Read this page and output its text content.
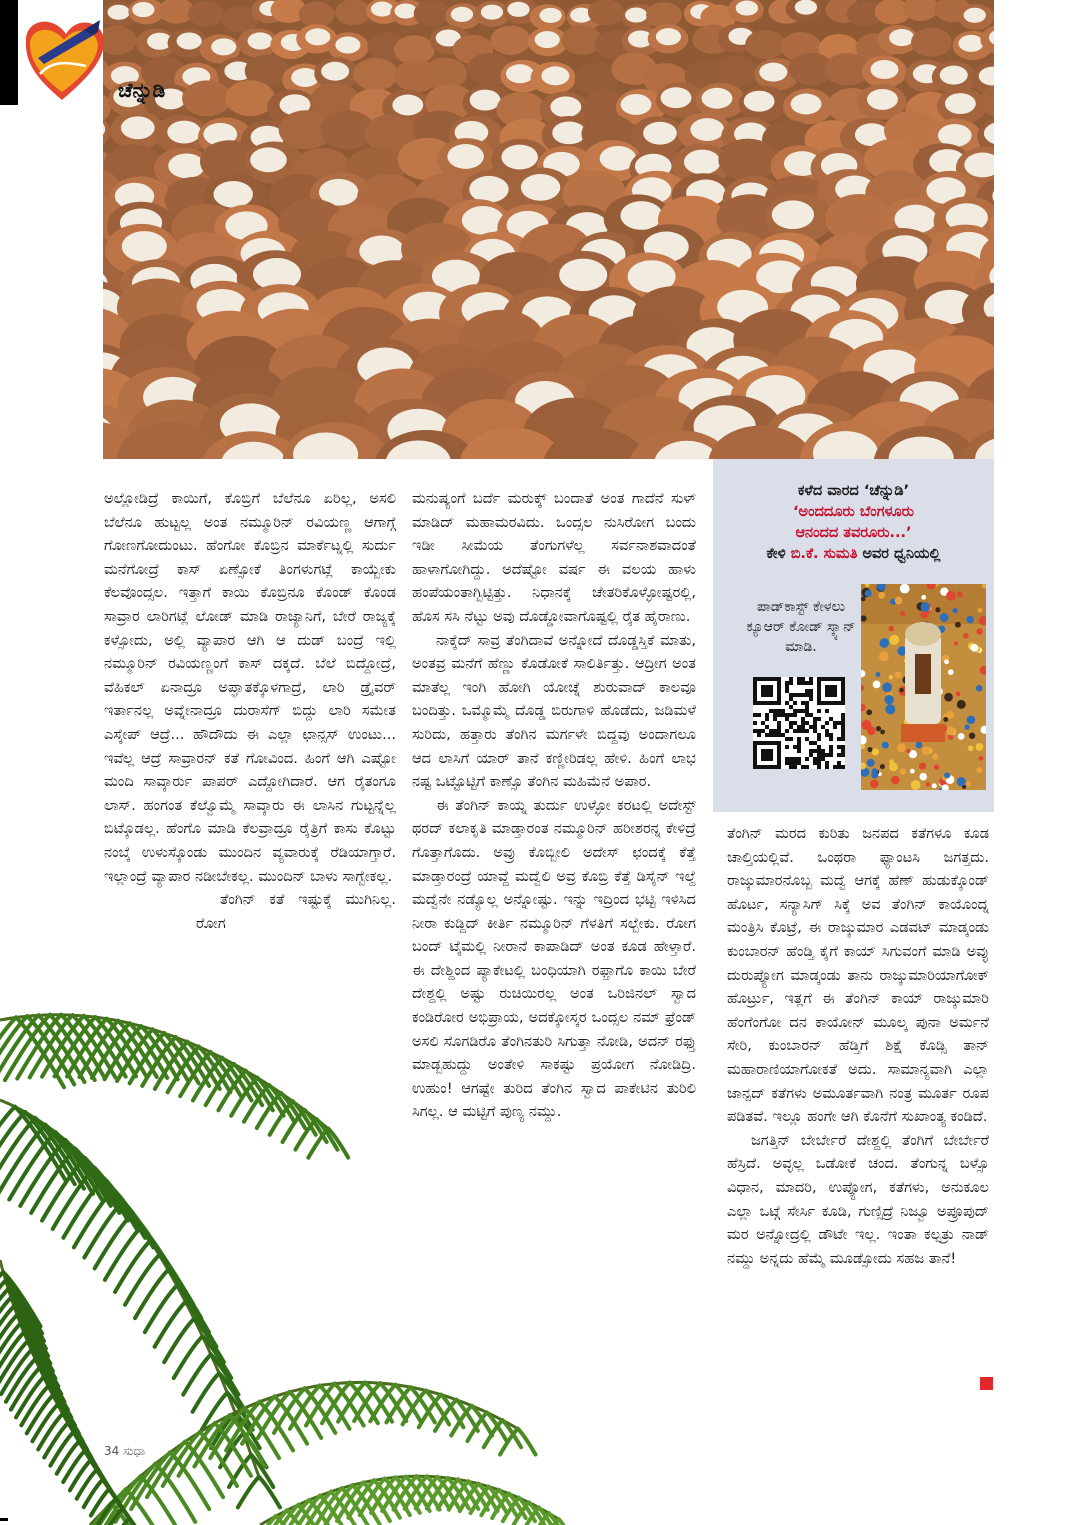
ಚೆನ್ನುಡಿ

ಅಲ್ಲೋಡಿದ್ರೆ ಕಾಯಿಗೆ, ಕೊಬ್ರಿಗೆ ಬೆಲೆನೂ ಏರಿಲ್ಲ, ಅಸಲಿ ಬೆಲೆನೂ ಹುಟ್ಟಲ್ಲ ಅಂತ ನಮ್ಮೂರಿನ್ ರವಿಯಣ್ಣ ಆಗಾಗ್ಗೆ ಗೋಣಗೋದುಂಟು. ಹೆಂಗೋ ಕೊಬ್ರಿನ ಮಾರ್ಕೆಟ್ನಲ್ಲಿ ಸುರ್ದು ಮನೆಗೋದ್ರೆ ಕಾಸ್ ಏಣ್ಸೋಕೆ ತಿಂಗಳುಗಟ್ಲೆ ಕಾಯ್ಬೇಕು ಕೆಲವೊಂದ್ಸಲ. ಇತ್ತಾಗೆ ಕಾಯಿ ಕೊಬ್ರಿನೂ ಕೊಂಡ್ ಕೊಂಡ ಸಾವ್ರಾರ ಲಾರಿಗಟ್ಲೆ ಲೋಡ್ ಮಾಡಿ ರಾಜ್ಯಾನಿಗೆ, ಬೇರೆ ರಾಜ್ಯಕ್ಕೆ ಕಳ್ಸೋದು, ಅಲ್ಲಿ ವ್ಯಾಪಾರ ಆಗಿ ಆ ದುಡ್ ಬಂದ್ರೆ ಇಲ್ಲಿ ನಮ್ಮೂರಿನ್ ರವಿಯಣ್ಣಂಗೆ ಕಾಸ್ ದಕ್ಕದೆ. ಬೆಲೆ ಬಿದ್ದೋದ್ರೆ, ವೆಹಿಕಲ್ ಏನಾದ್ರೂ ಅಪ್ಘಾತಕ್ಕೊಳಗಾದ್ರೆ, ಲಾರಿ ಡ್ರೈವರ್ ಇರ್ತಾನಲ್ಲ ಅವ್ನೇನಾದ್ರೂ ದುರಾಸೆಗ್ ಬಿದ್ದು ಲಾರಿ ಸಮೇತ ಎಸ್ಕೇಪ್ ಆದ್ರೆ... ಹೌದೌದು ಈ ಎಲ್ಲಾ ಛಾನ್ಸಸ್ ಉಂಟು... ಇವೆಲ್ಲ ಆದ್ರೆ ಸಾವ್ರಾರನ್ ಕತೆ ಗೋವಿಂದ. ಹಿಂಗೆ ಆಗಿ ಎಷ್ಟೋ ಮಂದಿ ಸಾವ್ಕಾರ್ರು ಪಾಪರ್ ಎದ್ದೋಗಿದಾರೆ. ಆಗ ರೈತಂಗೂ ಲಾಸ್. ಹಂಗಂತ ಕೆಲ್ವೊಮ್ಮೆ ಸಾವ್ಕಾರು ಈ ಲಾಸಿನ ಗುಟ್ಟನ್ನೆಲ್ಲ ಬಿಟ್ಕೊಡಲ್ಲ. ಹೆಂಗೊ ಮಾಡಿ ಕೆಲವ್ರಾದ್ರೂ ರೈತ್ರಿಗೆ ಕಾಸು ಕೊಟ್ಟು ನಂಬ್ಕೆ ಉಳುಸ್ಕೊಂಡು ಮುಂದಿನ ವ್ಯವಾರುಕ್ಕೆ ರೆಡಿಯಾಗ್ತಾರೆ. ಇಲ್ಲಾಂದ್ರೆ ವ್ಯಾಪಾರ ನಡೀಬೇಕಲ್ಲ. ಮುಂದಿನ್ ಬಾಳು ಸಾಗ್ಬೇಕಲ್ಲ.

ತೆಂಗಿನ್ ಕತೆ ಇಷ್ಟುಕ್ಕೆ ಮುಗಿನಿಲ್ಲ. ರೋಗ

ಮನುಷ್ಯಂಗೆ ಬರ್ದೆ ಮರುಕ್ಕ್ ಬಂದಾತೆ ಅಂತ ಗಾದೆನೆ ಸುಳ್ ಮಾಡಿದ್ ಮಹಾಮರವಿದು. ಒಂದ್ಸಲ ನುಸಿರೋಗ ಬಂದು ಇಡೀ ಸೀಮೆಯ ತೆಂಗುಗಳೆಲ್ಲ ಸರ್ವನಾಶವಾದಂತೆ ಹಾಳಾಗೋಗಿದ್ದು. ಅದೆಷ್ಟೋ ವರ್ಷ ಈ ವಲಯ ಹಾಳು ಹಂಪೆಯಂತಾಗ್ಬಿಟ್ಟಿತ್ತು. ನಿಧಾನಕ್ಕೆ ಚೇತರಿಕೊಳ್ಳೋಷ್ಟರಲ್ಲಿ, ಹೊಸ ಸಸಿ ನೆಟ್ಟು ಅವು ದೊಡ್ಡೋವಾಗೊಷ್ಟಲ್ಲಿ ರೈತ ಹೈರಾಣು.

ನಾಕ್ಕೆದ್ ಸಾವ್ರ ತೆಂಗಿದಾವೆ ಅನ್ನೋದೆ ದೊಡ್ಡಸ್ತಿಕೆ ಮಾತು, ಅಂತವ್ರ ಮನೆಗೆ ಹೆಣ್ಣು ಕೊಡೋಕೆ ಸಾಲಿರ್ತಿತ್ತು. ಆದ್ರೀಗ ಅಂತ ಮಾತೆಲ್ಲ ಇಂಗಿ ಹೋಗಿ ಯೋಚ್ನೆ ಶುರುವಾದ್ ಕಾಲವೂ ಬಂದಿತ್ತು. ಒಮ್ಮೊಮ್ಮೆ ದೊಡ್ಡ ಬಿರುಗಾಳಿ ಹೊಡೆದು, ಜಡಿಮಳೆ ಸುರಿದು, ಹತ್ತಾರು ತೆಂಗಿನ ಮರ್ಗಳೇ ಬಿದ್ದವು ಅಂದಾಗಲೂ ಆದ ಲಾಸಿಗೆ ಯಾರ್ ತಾನೆ ಕಣ್ಣೀರಿಡಲ್ಲ ಹೇಳಿ. ಹಿಂಗೆ ಲಾಭ ನಷ್ಟ ಒಟ್ಟೊಟ್ಟಿಗೆ ಕಾಣ್ಸೊ ತೆಂಗಿನ ಮಹಿಮೆನೆ ಅಪಾರ.

ಈ ತೆಂಗಿನ್ ಕಾಯ್ನ ತುರ್ದು ಉಳ್ಳೋ ಕರಟಲ್ಲಿ ಅದೇಸ್ಟ್ ಥರದ್ ಕಲಾಕೃತಿ ಮಾಡ್ತಾರಂತ ನಮ್ಮೂರಿನ್ ಹರೀಶರನ್ನ ಕೇಳಿದ್ರೆ ಗೊತ್ತಾಗೊದು. ಅವ್ರು ಕೊಬ್ಬೀಲಿ ಅದೇಸ್ ಛಂದಕ್ಕೆ ಕೆತ್ತೆ ಮಾಡ್ತಾರಂದ್ರೆ ಯಾವ್ದೆ ಮದ್ವೆಲಿ ಅವ್ರ ಕೊಬ್ರಿ ಕೆತ್ತೆ ಡಿಸೈನ್ ಇಲ್ದೆ ಮದ್ವೆನೇ ನಡ್ಯೊಲ್ಲ ಅನ್ನೋಷ್ಟು. ಇನ್ನು ಇದ್ರಿಂದ ಭಟ್ಟಿ ಇಳಿಸಿದ ನೀರಾ ಕುಡ್ದಿದ್ ಕೀರ್ತಿ ನಮ್ಮೂರಿನ್ ಗೆಳತಿಗೆ ಸಲ್ಬೇಕು. ರೋಗ ಬಂದ್ ಟೈಮಲ್ಲಿ ನೀರಾನೆ ಕಾಪಾಡಿದ್ ಅಂತ ಕೂಡ ಹೇಳ್ತಾರೆ. ಈ ದೇಶ್ದಿಂದ ಪ್ಯಾಕೇಟಲ್ಲಿ ಬಂಧಿಯಾಗಿ ರಫ್ತಾಗೊ ಕಾಯಿ ಬೇರೆ ದೇಶ್ದಲ್ಲಿ ಅಷ್ಟು ರುಚಿಯಿರಲ್ಲ ಅಂತ ಒರಿಜಿನಲ್ ಸ್ವಾದ ಕಂಡಿರೋರ ಅಭಿಪ್ರಾಯ, ಅದಕ್ಕೋಸ್ಕರ ಒಂದ್ಸಲ ನಮ್ ಫ್ರೆಂಡ್ ಅಸಲಿ ಸೊಗಡಿರೊ ತೆಂಗಿನತುರಿ ಸಿಗುತ್ತಾ ನೋಡಿ, ಅದನ್ ರಫ್ತು ಮಾಡ್ಬಹುದ್ದು ಅಂತೇಳಿ ಸಾಕಷ್ಟು ಪ್ರಯೋಗ ನೋಡಿದ್ರಿ. ಉಹುಂ! ಆಗಷ್ಟೇ ತುರಿದ ತೆಂಗಿನ ಸ್ವಾದ ಪಾಕೇಟಿನ ತುರಿಲಿ ಸಿಗಲ್ಲ. ಆ ಮಟ್ಟಿಗೆ ಪುಣ್ಯ ನಮ್ದು.

ಕಳೆದ ವಾರದ ‘ಚೆನ್ನುಡಿ’
‘ಅಂದದೂರು ಬೆಂಗಳೂರು
ಆನಂದದ ತವರೂರು...’
ಕೇಳಿ ಬಿ.ಕೆ. ಸುಮತಿ ಅವರ ಧ್ವನಿಯಲ್ಲಿ
ಪಾಡ್‌ಕಾಸ್ಟ್ ಕೇಳಲು ಕ್ಯೂಆರ್ ಕೋಡ್ ಸ್ಕ್ಯಾನ್ ಮಾಡಿ.

ತೆಂಗಿನ್ ಮರದ ಕುರಿತು ಜನಪದ ಕತೆಗಳೂ ಕೂಡ ಚಾಲ್ತಿಯಲ್ಲಿವೆ. ಒಂಥರಾ ಫ್ಯಾಂಟಸಿ ಜಗತ್ತದು. ರಾಜ್ಕುಮಾರನೊಬ್ಬ ಮದ್ವೆ ಆಗಕ್ಕೆ ಹೆಣ್ ಹುಡುಕ್ಕೊಂಡ್ ಹೊರ್ಟ, ಸನ್ಯಾಸಿಗ್ ಸಿಕ್ಕೆ ಅವ ತೆಂಗಿನ್ ಕಾಯೊಂದ್ನ ಮಂತ್ರಿಸಿ ಕೊಟ್ರೆ, ಈ ರಾಜ್ಕುಮಾರ ಎಡವಟ್ ಮಾಡ್ಕಂಡು ಕುಂಬಾರನ್ ಹೆಂಡ್ತಿ ಕೈಗೆ ಕಾಯ್ ಸಿಗುವಂಗೆ ಮಾಡಿ ಅವ್ಳು ದುರುಪ್ಯೋಗ ಮಾಡ್ಕಂಡು ತಾನು ರಾಜ್ಕುಮಾರಿಯಾಗೋಕ್ ಹೊರ್ಟ್ರು, ಇತ್ಲಗೆ ಈ ತೆಂಗಿನ್ ಕಾಯ್ ರಾಜ್ಕುಮಾರಿ ಹೆಂಗೆಂಗೋ ದನ ಕಾಯೋನ್ ಮೂಲ್ಕ ಪುನಾ ಅರ್ಮನೆ ಸೇರಿ, ಕುಂಬಾರನ್ ಹೆಡ್ತಿಗೆ ಶಿಕ್ಷೆ ಕೊಡ್ಸಿ ತಾನ್ ಮಹಾರಾಣಿಯಾಗೋಕತೆ ಅದು. ಸಾಮಾನ್ಯವಾಗಿ ಎಲ್ಲಾ ಜಾನ್ಪದ್ ಕತೆಗಳು ಅಮೂರ್ತವಾಗಿ ನಂತ್ರ ಮೂರ್ತ ರೂಪ ಪಡಿತವೆ. ಇಲ್ಲೂ ಹಂಗೇ ಆಗಿ ಕೊನೆಗೆ ಸುಖಾಂತ್ಯ ಕಂಡಿದೆ.

ಜಗತ್ತಿನ್ ಬೇರ್ಬೇರೆ ದೇಶ್ದಲ್ಲಿ ತೆಂಗಿಗೆ ಬೇರ್ಬೇರೆ ಹೆಸ್ರಿದೆ. ಅವ್ಳಲ್ಲ ಒಡೋಕೆ ಚಂದ. ತೆಂಗುನ್ನ ಬಳ್ಸೊ ವಿಧಾನ, ಮಾದರಿ, ಉಪ್ಯೋಗ, ಕತೆಗಳು, ಅನುಕೂಲ ಎಲ್ಲಾ ಒಟ್ಗೆ ಸೇರ್ಸಿ ಕೂಡಿ, ಗುಣ್ಸಿದ್ರೆ ನಿಜ್ವೂ ಅಪ್ರೂಪುದ್ ಮರ ಅನ್ನೋದ್ರಲ್ಲಿ ಡೌಟೇ ಇಲ್ಲ. ಇಂತಾ ಕಲ್ಪತ್ರು ನಾಡ್ ನಮ್ದು ಅನ್ನದು ಹೆಮ್ಮೆ ಮೂಡ್ಸೋದು ಸಹಜ ತಾನೆ!

34 ಸುಧಾ
